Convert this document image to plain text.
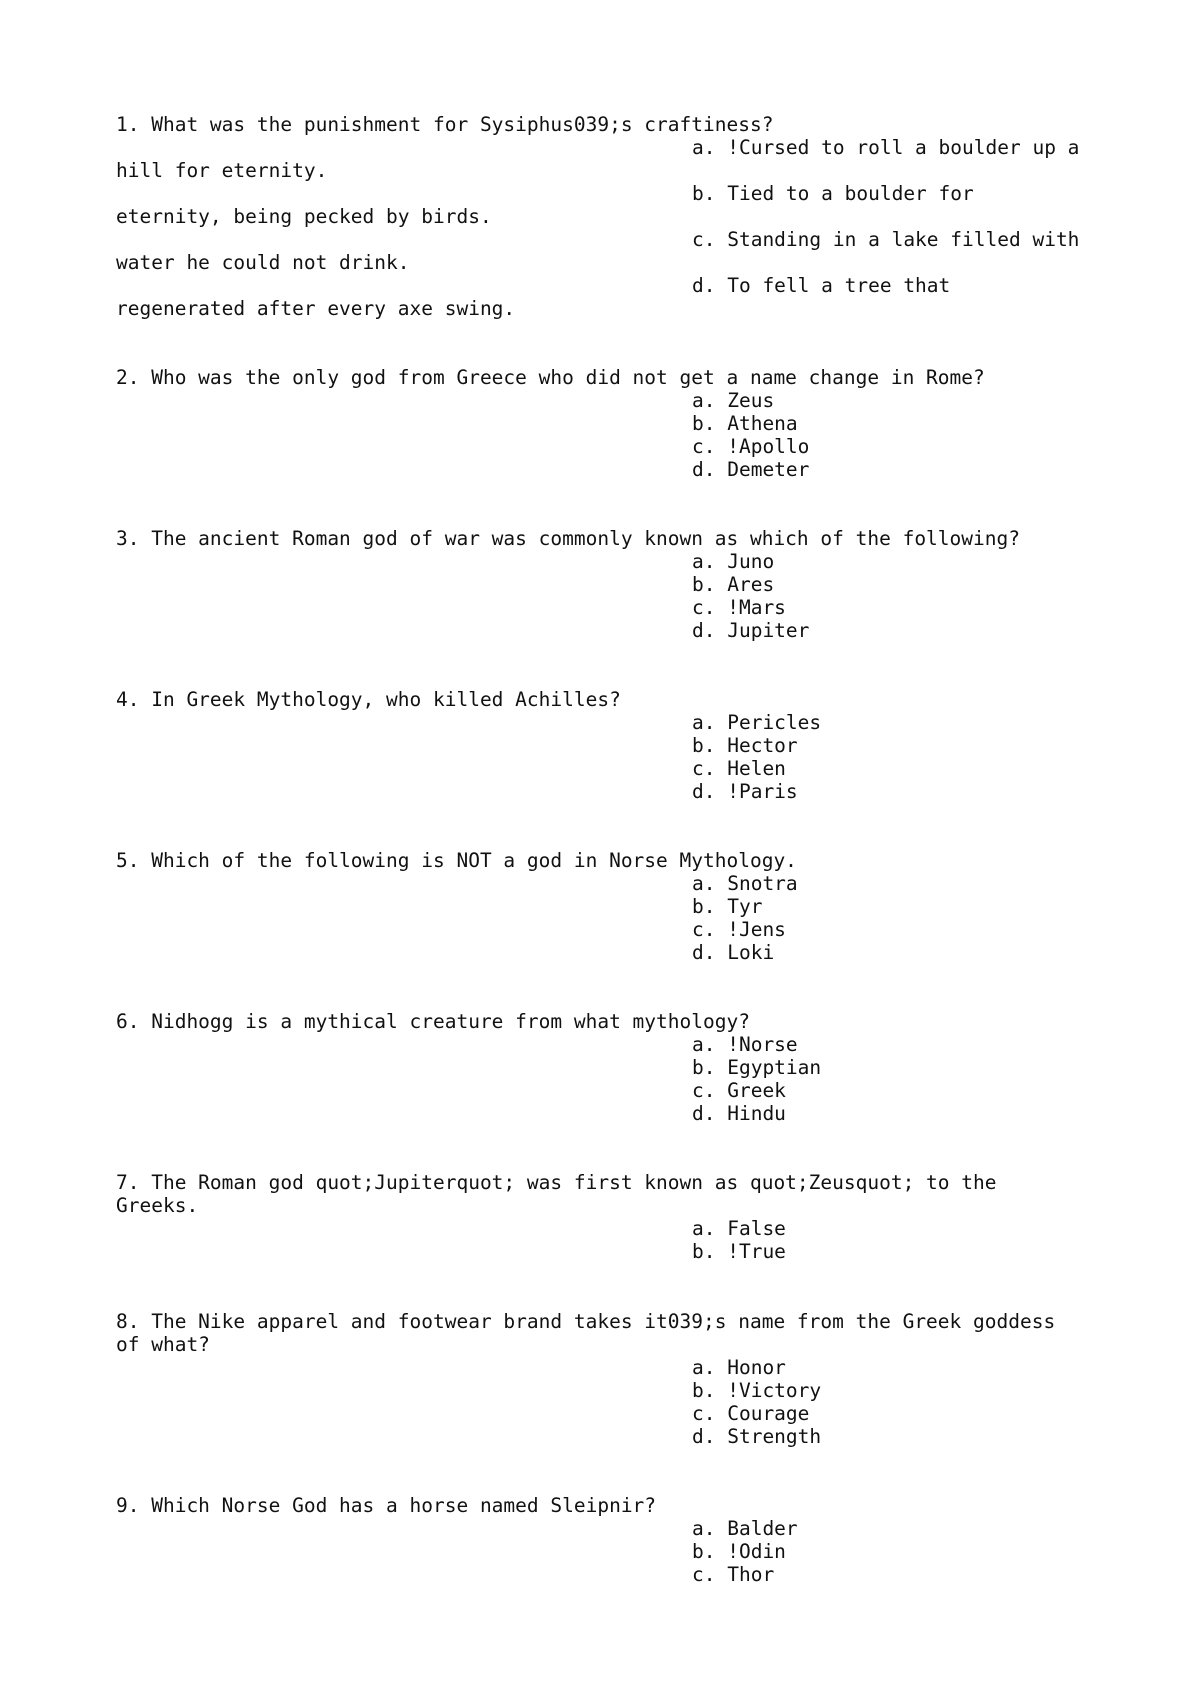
1. What was the punishment for Sysiphus039;s craftiness?
a. !Cursed to roll a boulder up a
hill for eternity.
b. Tied to a boulder for
eternity, being pecked by birds.
c. Standing in a lake filled with
water he could not drink.
d. To fell a tree that
regenerated after every axe swing.
2. Who was the only god from Greece who did not get a name change in Rome?
a. Zeus
b. Athena
c. !Apollo
d. Demeter
3. The ancient Roman god of war was commonly known as which of the following?
a. Juno
b. Ares
c. !Mars
d. Jupiter
4. In Greek Mythology, who killed Achilles?
a. Pericles
b. Hector
c. Helen
d. !Paris
5. Which of the following is NOT a god in Norse Mythology.
a. Snotra
b. Tyr
c. !Jens
d. Loki
6. Nidhogg is a mythical creature from what mythology?
a. !Norse
b. Egyptian
c. Greek
d. Hindu
7. The Roman god quot;Jupiterquot; was first known as quot;Zeusquot; to the
Greeks.
a. False
b. !True
8. The Nike apparel and footwear brand takes it039;s name from the Greek goddess
of what?
a. Honor
b. !Victory
c. Courage
d. Strength
9. Which Norse God has a horse named Sleipnir?
a. Balder
b. !Odin
c. Thor
